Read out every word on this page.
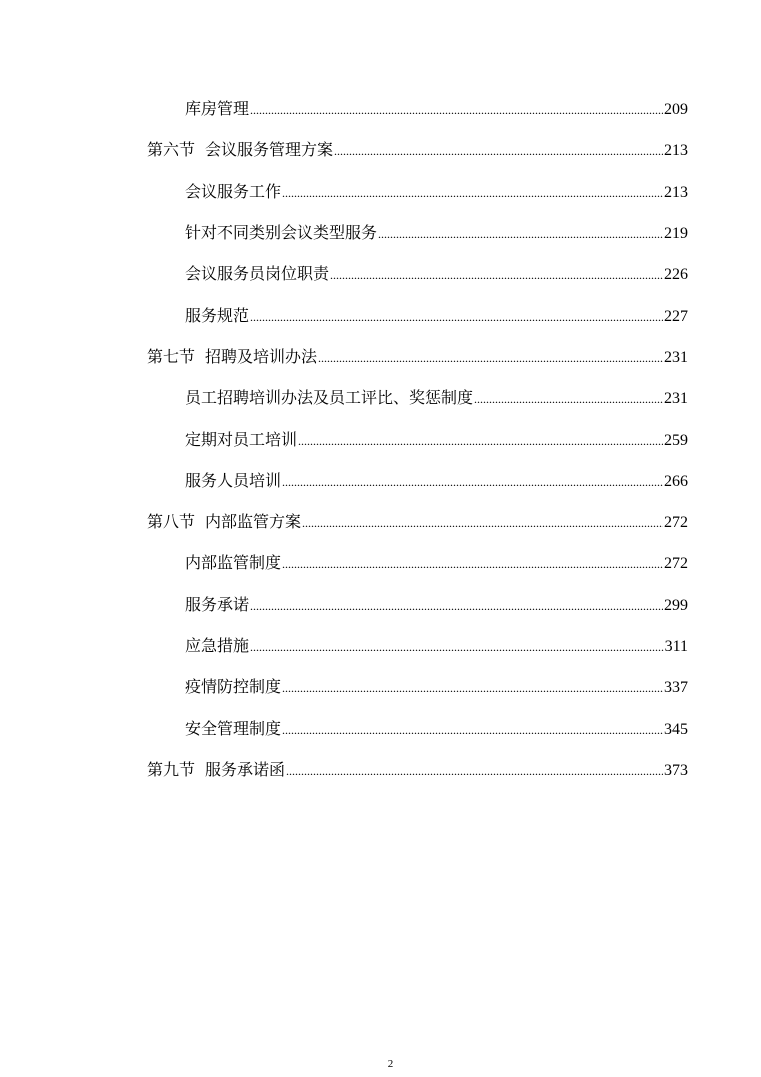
库房管理 .....	209
第六节 会议服务管理方案 .....	213
会议服务工作 .....	213
针对不同类别会议类型服务 .....	219
会议服务员岗位职责 .....	226
服务规范 .....	227
第七节 招聘及培训办法 .....	231
员工招聘培训办法及员工评比、奖惩制度 .....	231
定期对员工培训 .....	259
服务人员培训 .....	266
第八节 内部监管方案 .....	272
内部监管制度 .....	272
服务承诺 .....	299
应急措施 .....	311
疫情防控制度 .....	337
安全管理制度 .....	345
第九节 服务承诺函 .....	373
2
